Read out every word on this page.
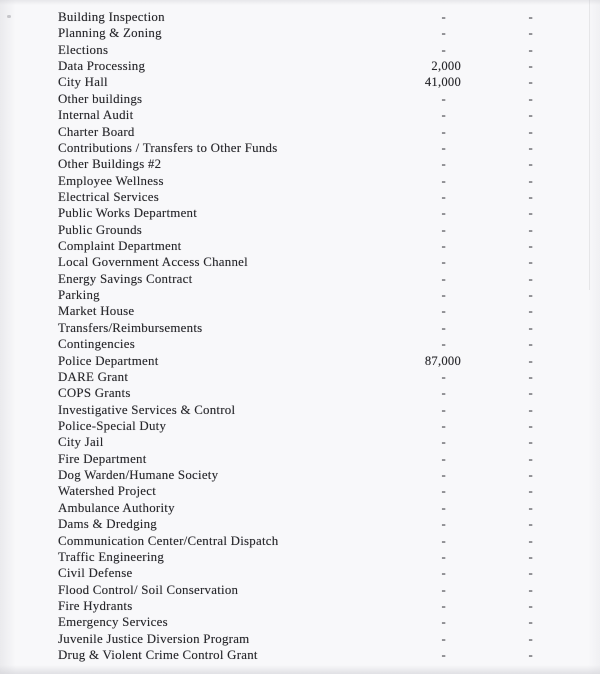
Building Inspection	-	-
Planning & Zoning	-	-
Elections	-	-
Data Processing	2,000	-
City Hall	41,000	-
Other buildings	-	-
Internal Audit	-	-
Charter Board	-	-
Contributions / Transfers to Other Funds	-	-
Other Buildings #2	-	-
Employee Wellness	-	-
Electrical Services	-	-
Public Works Department	-	-
Public Grounds	-	-
Complaint Department	-	-
Local Government Access Channel	-	-
Energy Savings Contract	-	-
Parking	-	-
Market House	-	-
Transfers/Reimbursements	-	-
Contingencies	-	-
Police Department	87,000	-
DARE Grant	-	-
COPS Grants	-	-
Investigative Services & Control	-	-
Police-Special Duty	-	-
City Jail	-	-
Fire Department	-	-
Dog Warden/Humane Society	-	-
Watershed Project	-	-
Ambulance Authority	-	-
Dams & Dredging	-	-
Communication Center/Central Dispatch	-	-
Traffic Engineering	-	-
Civil Defense	-	-
Flood Control/ Soil Conservation	-	-
Fire Hydrants	-	-
Emergency Services	-	-
Juvenile Justice Diversion Program	-	-
Drug & Violent Crime Control Grant	-	-
